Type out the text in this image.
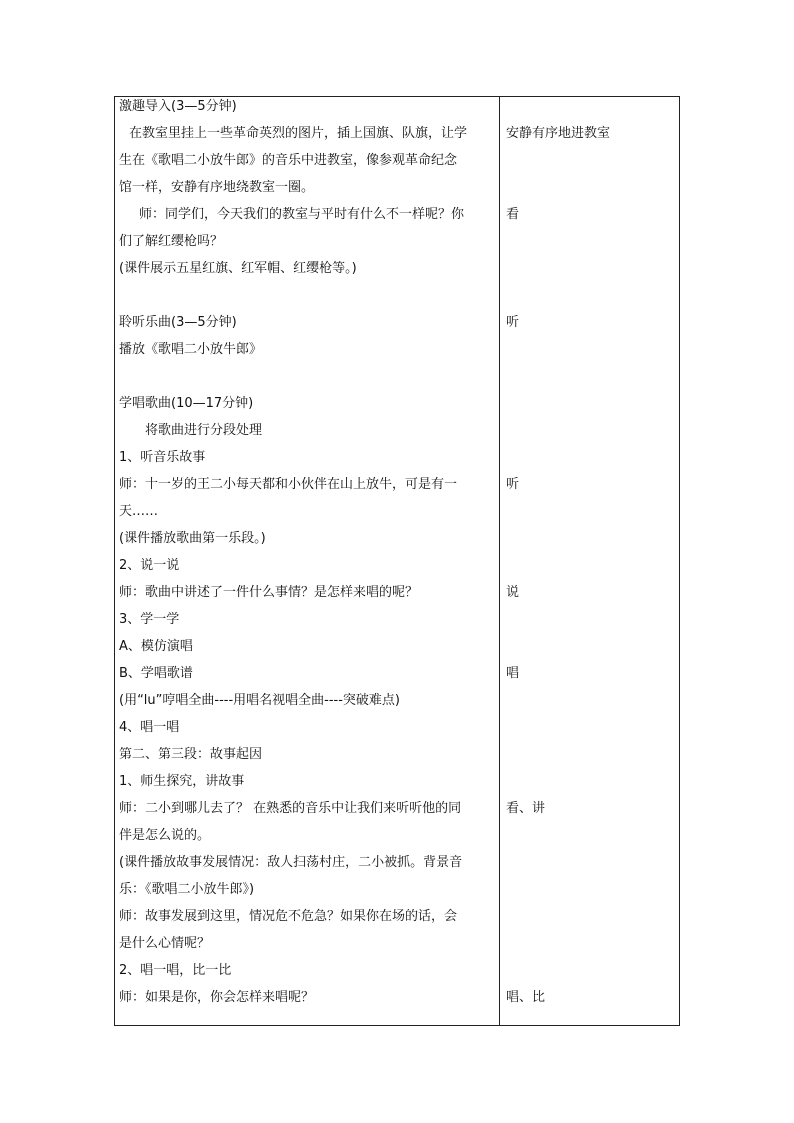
激趣导入(3—5分钟)
在教室里挂上一些革命英烈的图片，插上国旗、队旗，让学
生在《歌唱二小放牛郎》的音乐中进教室，像参观革命纪念
馆一样，安静有序地绕教室一圈。
师：同学们，今天我们的教室与平时有什么不一样呢？你
们了解红缨枪吗？
(课件展示五星红旗、红军帽、红缨枪等。)
聆听乐曲(3—5分钟)
播放《歌唱二小放牛郎》
学唱歌曲(10—17分钟)
将歌曲进行分段处理
1、听音乐故事
师：十一岁的王二小每天都和小伙伴在山上放牛，可是有一
天……
(课件播放歌曲第一乐段。)
2、说一说
师：歌曲中讲述了一件什么事情？是怎样来唱的呢？
3、学一学
A、模仿演唱
B、学唱歌谱
(用“lu”哼唱全曲----用唱名视唱全曲----突破难点)
4、唱一唱
第二、第三段：故事起因
1、师生探究，讲故事
师：二小到哪儿去了？ 在熟悉的音乐中让我们来听听他的同
伴是怎么说的。
(课件播放故事发展情况：敌人扫荡村庄，二小被抓。背景音
乐：《歌唱二小放牛郎》)
师：故事发展到这里，情况危不危急？如果你在场的话，会
是什么心情呢？
2、唱一唱，比一比
师：如果是你，你会怎样来唱呢？
安静有序地进教室
看
听
听
说
唱
看、讲
唱、比
